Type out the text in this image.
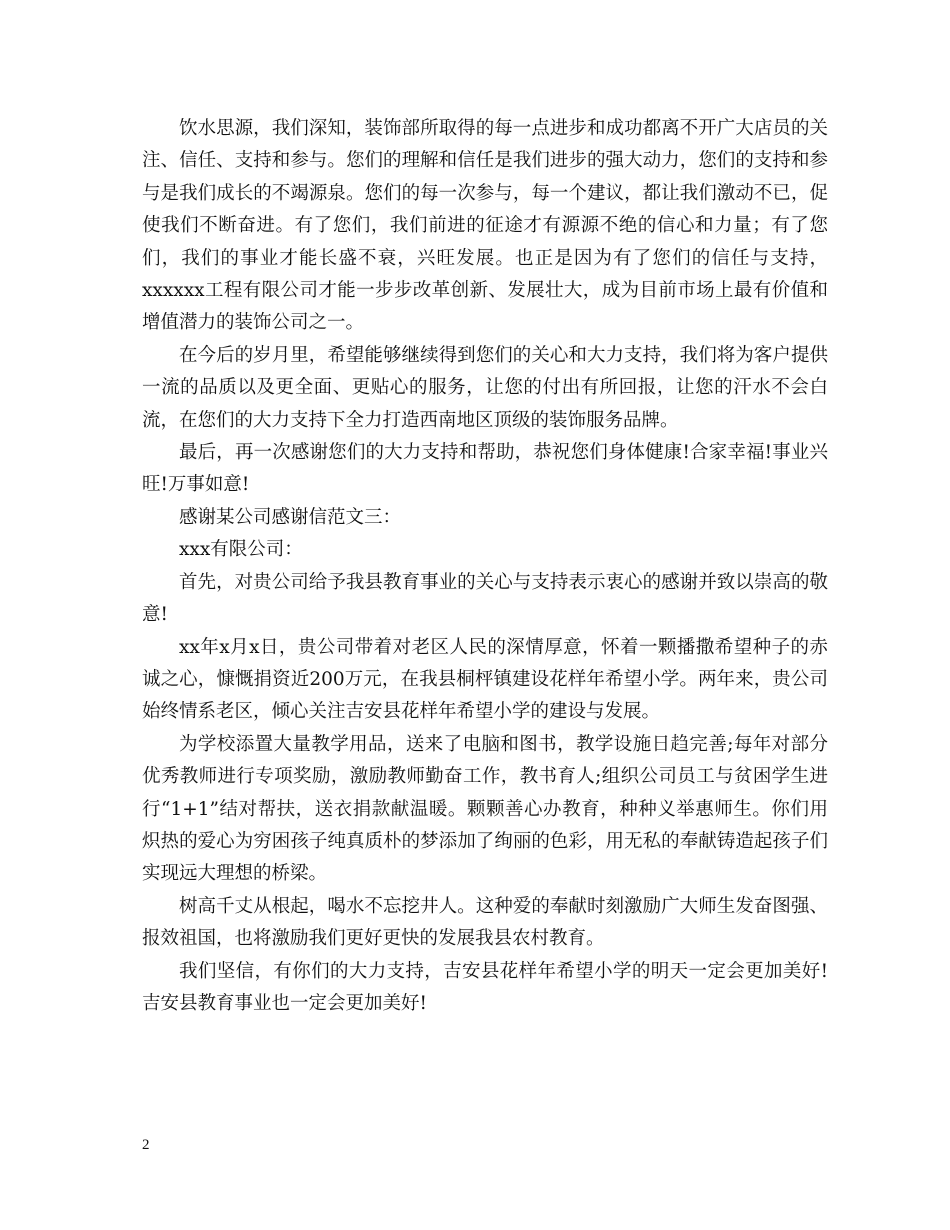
饮水思源，我们深知，装饰部所取得的每一点进步和成功都离不开广大店员的关注、信任、支持和参与。您们的理解和信任是我们进步的强大动力，您们的支持和参与是我们成长的不竭源泉。您们的每一次参与，每一个建议，都让我们激动不已，促使我们不断奋进。有了您们，我们前进的征途才有源源不绝的信心和力量；有了您们，我们的事业才能长盛不衰，兴旺发展。也正是因为有了您们的信任与支持，xxxxxx工程有限公司才能一步步改革创新、发展壮大，成为目前市场上最有价值和增值潜力的装饰公司之一。

在今后的岁月里，希望能够继续得到您们的关心和大力支持，我们将为客户提供一流的品质以及更全面、更贴心的服务，让您的付出有所回报，让您的汗水不会白流，在您们的大力支持下全力打造西南地区顶级的装饰服务品牌。

最后，再一次感谢您们的大力支持和帮助，恭祝您们身体健康!合家幸福!事业兴旺!万事如意!

感谢某公司感谢信范文三：

xxx有限公司：

首先，对贵公司给予我县教育事业的关心与支持表示衷心的感谢并致以崇高的敬意!

xx年x月x日，贵公司带着对老区人民的深情厚意，怀着一颗播撒希望种子的赤诚之心，慷慨捐资近200万元，在我县桐枰镇建设花样年希望小学。两年来，贵公司始终情系老区，倾心关注吉安县花样年希望小学的建设与发展。

为学校添置大量教学用品，送来了电脑和图书，教学设施日趋完善;每年对部分优秀教师进行专项奖励，激励教师勤奋工作，教书育人;组织公司员工与贫困学生进行“1+1”结对帮扶，送衣捐款献温暖。颗颗善心办教育，种种义举惠师生。你们用炽热的爱心为穷困孩子纯真质朴的梦添加了绚丽的色彩，用无私的奉献铸造起孩子们实现远大理想的桥梁。

树高千丈从根起，喝水不忘挖井人。这种爱的奉献时刻激励广大师生发奋图强、报效祖国，也将激励我们更好更快的发展我县农村教育。

我们坚信，有你们的大力支持，吉安县花样年希望小学的明天一定会更加美好!吉安县教育事业也一定会更加美好!

2
